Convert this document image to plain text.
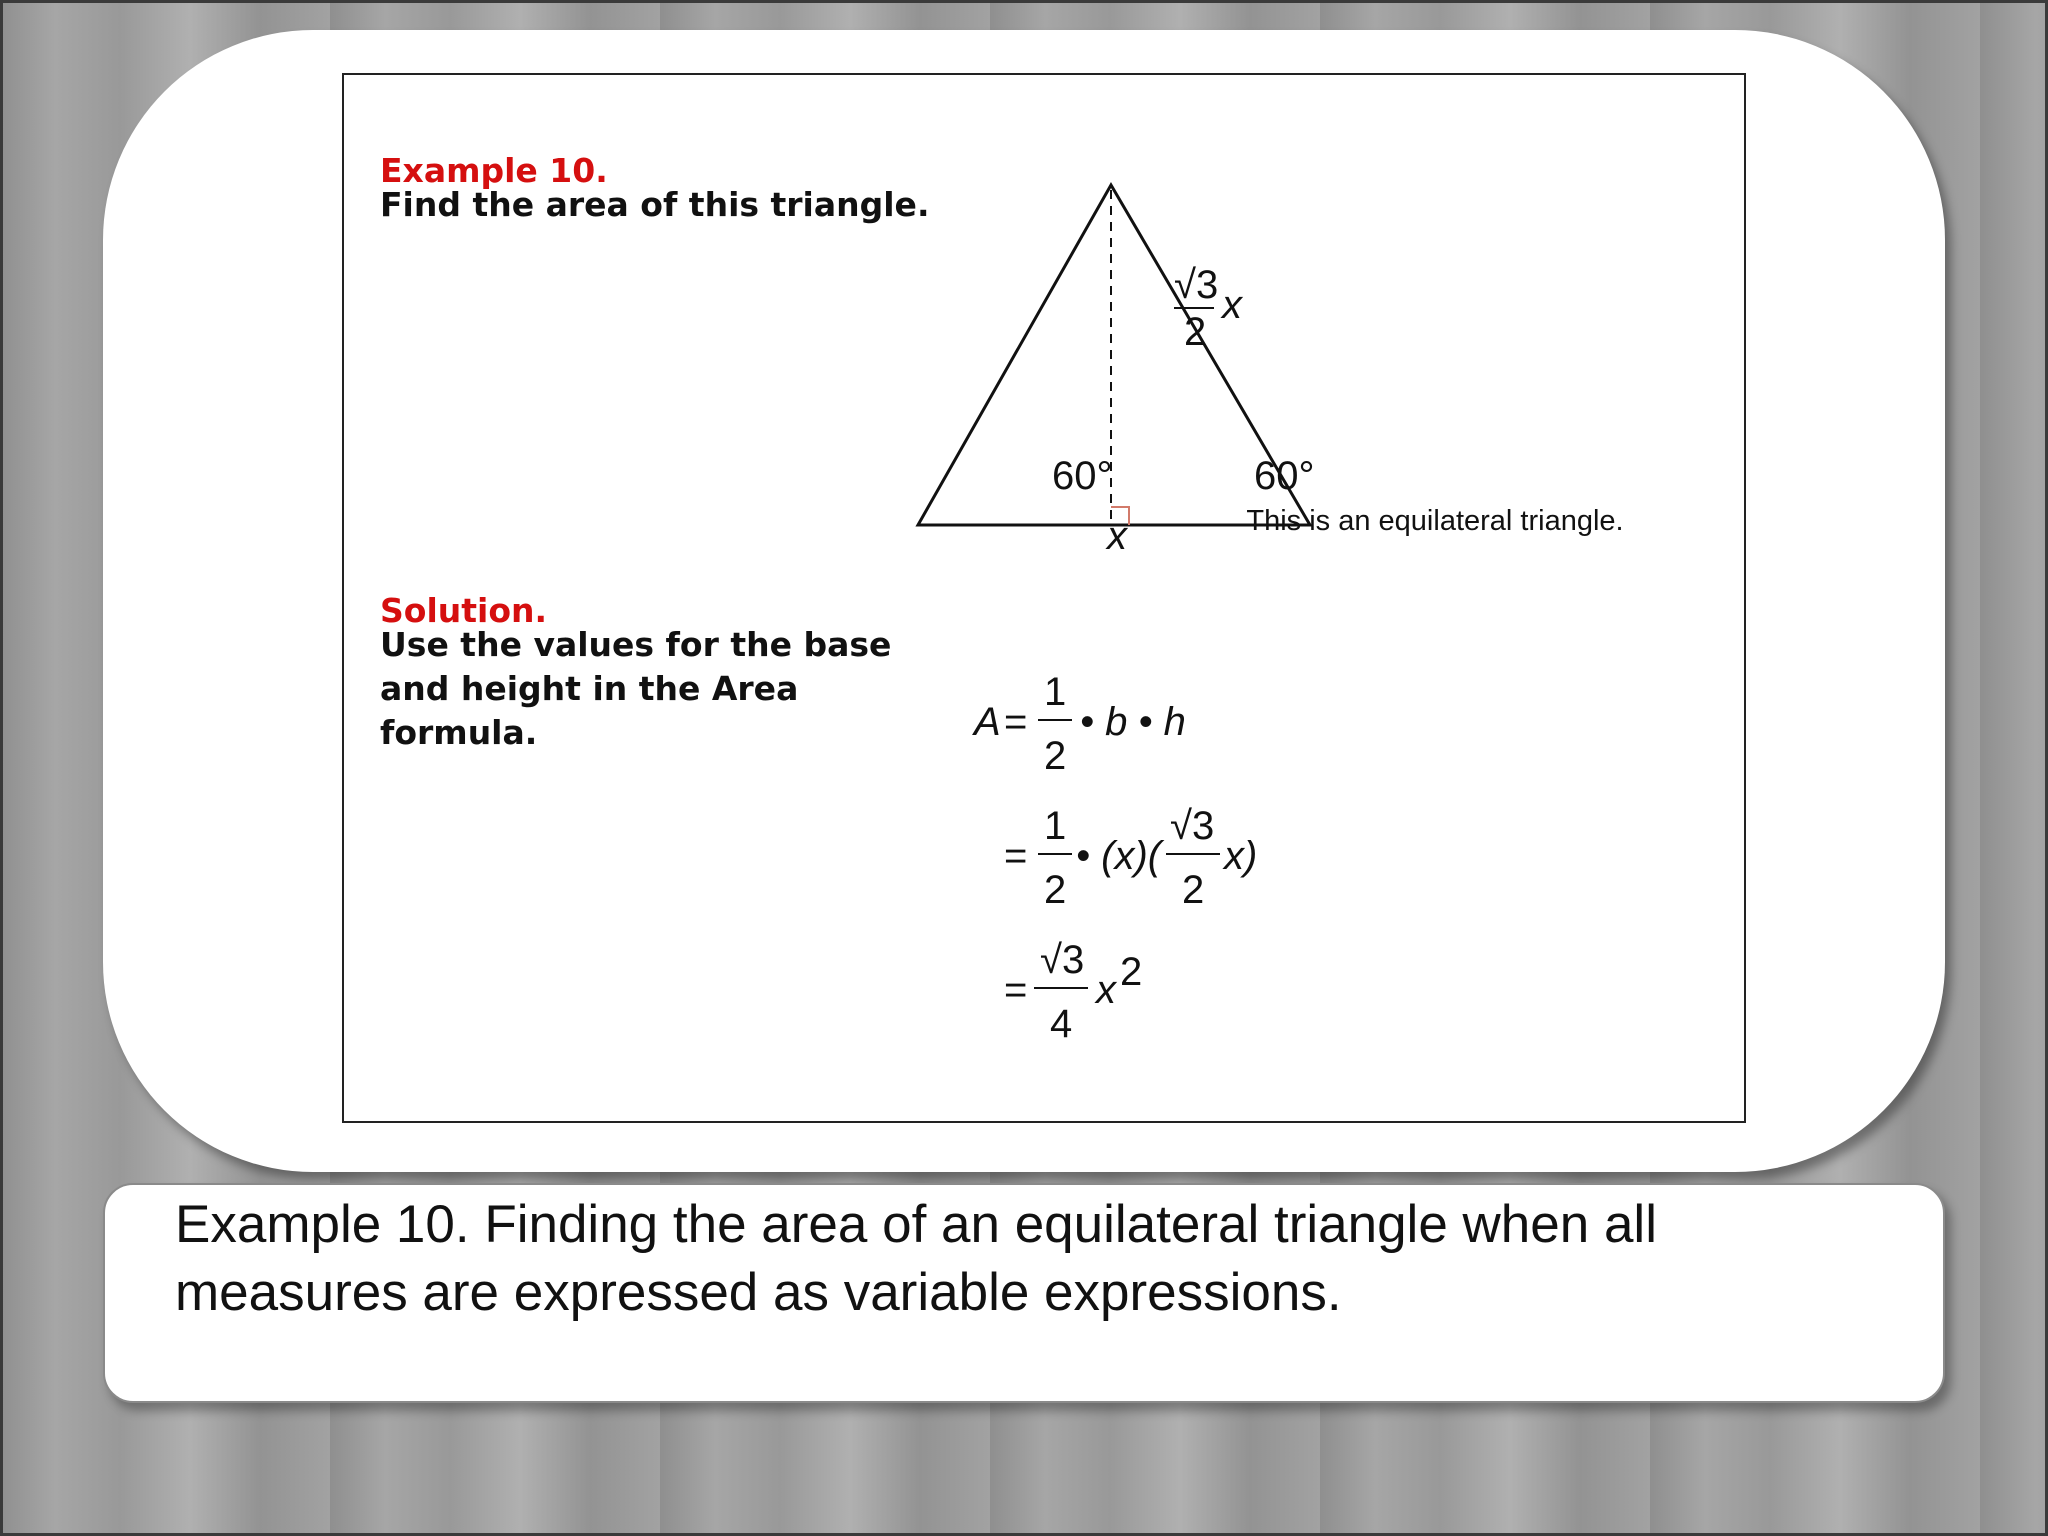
Example 10.

Find the area of this triangle.

Solution.

Use the values for the base

and height in the Area

formula.

60°	60°
x
√3
2
x
A =
1
2
• b • h
=
1
2
• (x)(
√3
2
x)
=
√3
4
x 2
This is an equilateral triangle.
Example 10. Finding the area of an equilateral triangle when all measures are expressed as variable expressions.
